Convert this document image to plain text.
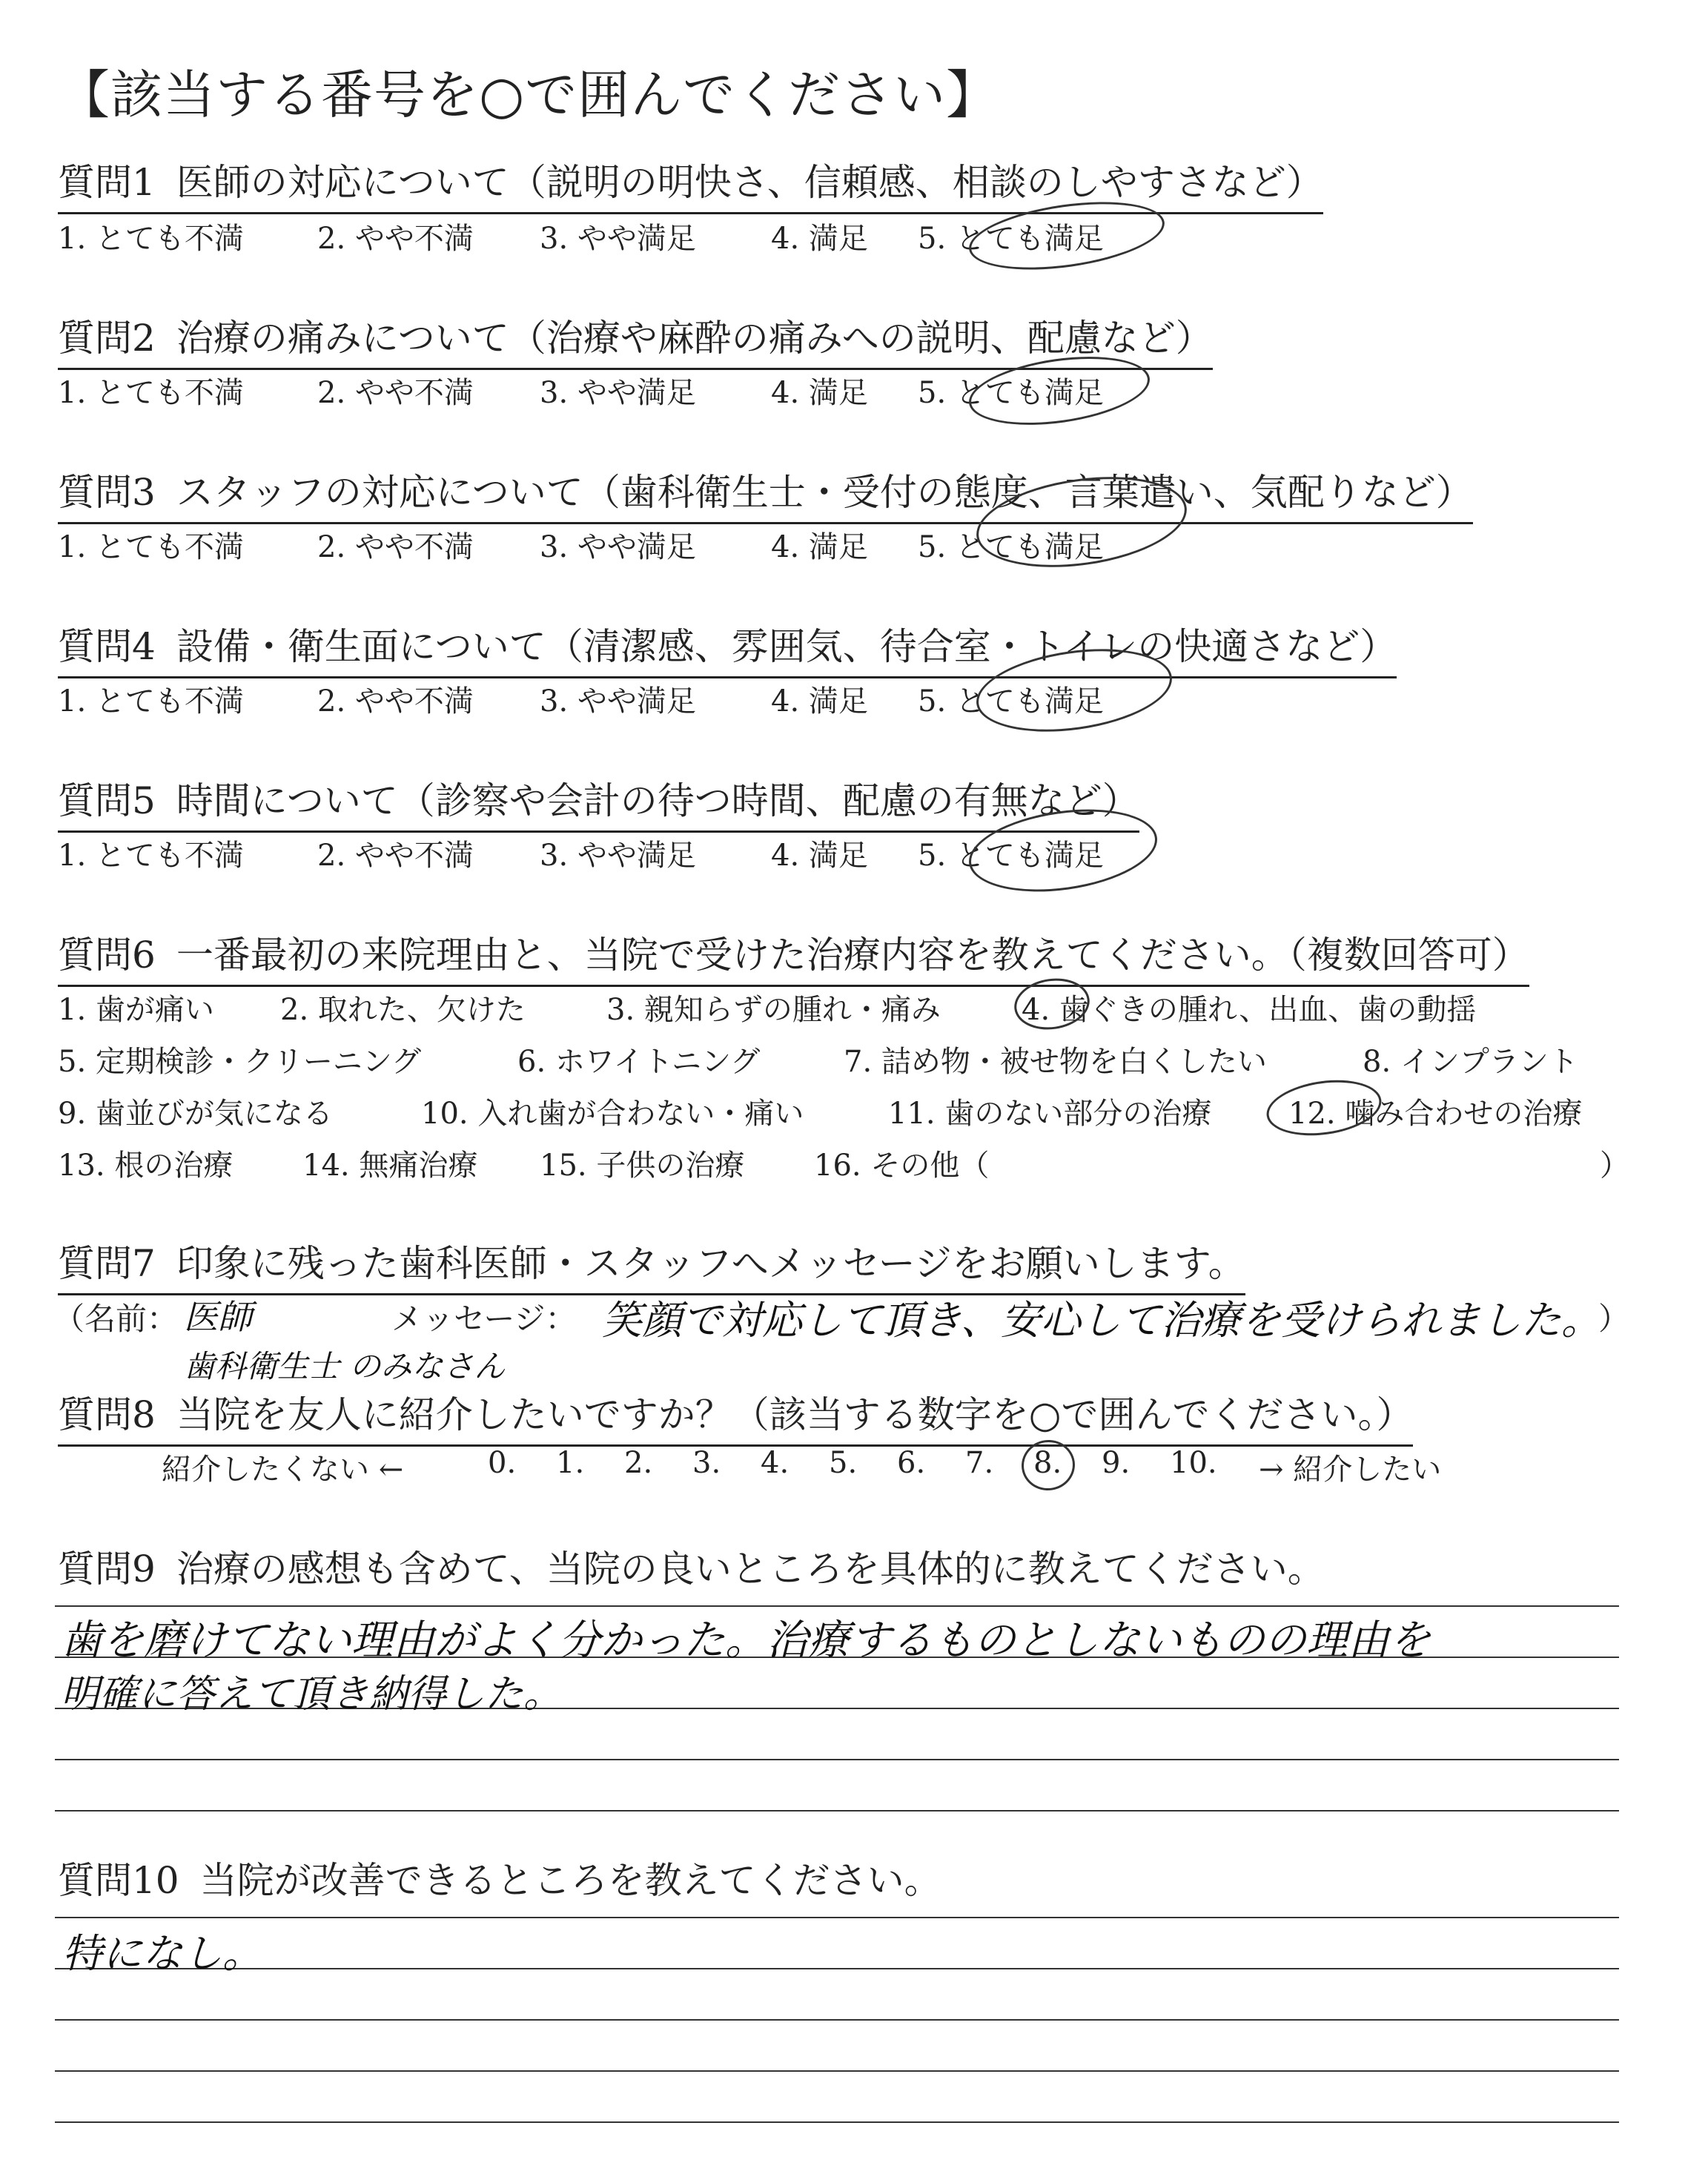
【該当する番号を○で囲んでください】
質問1 医師の対応について（説明の明快さ、信頼感、相談のしやすさなど）
1. とても不満 2. やや不満 3. やや満足	4. 満足 5. とても満足
質問2 治療の痛みについて（治療や麻酔の痛みへの説明、配慮など）
1. とても不満 2. やや不満 3. やや満足	4. 満足 5. とても満足
質問3 スタッフの対応について（歯科衛生士・受付の態度、言葉遣い、気配りなど）
1. とても不満 2. やや不満 3. やや満足	4. 満足 5. とても満足
質問4 設備・衛生面について（清潔感、雰囲気、待合室・トイレの快適さなど）
1. とても不満 2. やや不満 3. やや満足	4. 満足 5. とても満足
質問5 時間について（診察や会計の待つ時間、配慮の有無など）
1. とても不満 2. やや不満 3. やや満足	4. 満足 5. とても満足
質問6 一番最初の来院理由と、当院で受けた治療内容を教えてください。（複数回答可）
1. 歯が痛い 2. 取れた、欠けた	3. 親知らずの腫れ・痛み	4. 歯ぐきの腫れ、出血、歯の動揺
5. 定期検診・クリーニング	6. ホワイトニング	7. 詰め物・被せ物を白くしたい	8. インプラント
9. 歯並びが気になる	10. 入れ歯が合わない・痛い	11. 歯のない部分の治療	12. 噛み合わせの治療
13. 根の治療 14. 無痛治療 15. 子供の治療 16. その他（	）
質問7 印象に残った歯科医師・スタッフへメッセージをお願いします。
（名前： 医師
歯科衛生士 のみなさん
メッセージ： 笑顔で対応して頂き、安心して治療を受けられました。
）
質問8 当院を友人に紹介したいですか？（該当する数字を○で囲んでください。）
紹介したくない ←	0. 1. 2. 3. 4. 5. 6. 7. 8. 9. 10. → 紹介したい
質問9 治療の感想も含めて、当院の良いところを具体的に教えてください。
歯を磨けてない理由がよく分かった。治療するものとしないものの理由を
明確に答えて頂き納得した。
質問10 当院が改善できるところを教えてください。
特になし。
